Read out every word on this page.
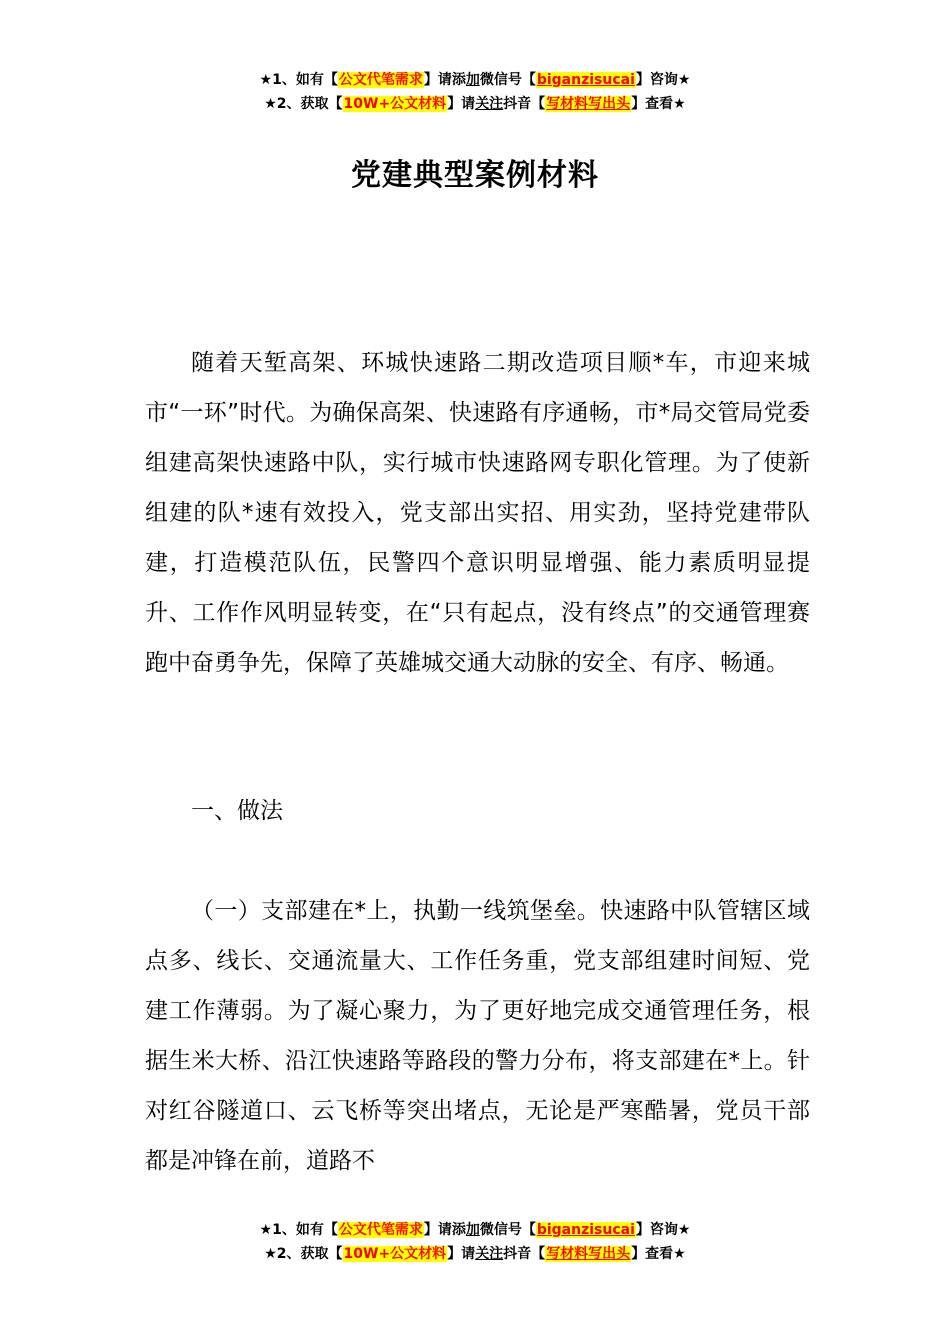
★1、如有【公文代笔需求】请添加微信号【biganzisucai】咨询★
★2、获取【10W+公文材料】请关注抖音【写材料写出头】查看★
党建典型案例材料

随着天堑高架、环城快速路二期改造项目顺*车，市迎来城市“一环”时代。为确保高架、快速路有序通畅，市*局交管局党委组建高架快速路中队，实行城市快速路网专职化管理。为了使新组建的队*速有效投入，党支部出实招、用实劲，坚持党建带队建，打造模范队伍，民警四个意识明显增强、能力素质明显提升、工作作风明显转变，在“只有起点，没有终点”的交通管理赛跑中奋勇争先，保障了英雄城交通大动脉的安全、有序、畅通。

一、做法

（一）支部建在*上，执勤一线筑堡垒。快速路中队管辖区域点多、线长、交通流量大、工作任务重，党支部组建时间短、党建工作薄弱。为了凝心聚力，为了更好地完成交通管理任务，根据生米大桥、沿江快速路等路段的警力分布，将支部建在*上。针对红谷隧道口、云飞桥等突出堵点，无论是严寒酷暑，党员干部都是冲锋在前，道路不

★1、如有【公文代笔需求】请添加微信号【biganzisucai】咨询★
★2、获取【10W+公文材料】请关注抖音【写材料写出头】查看★
